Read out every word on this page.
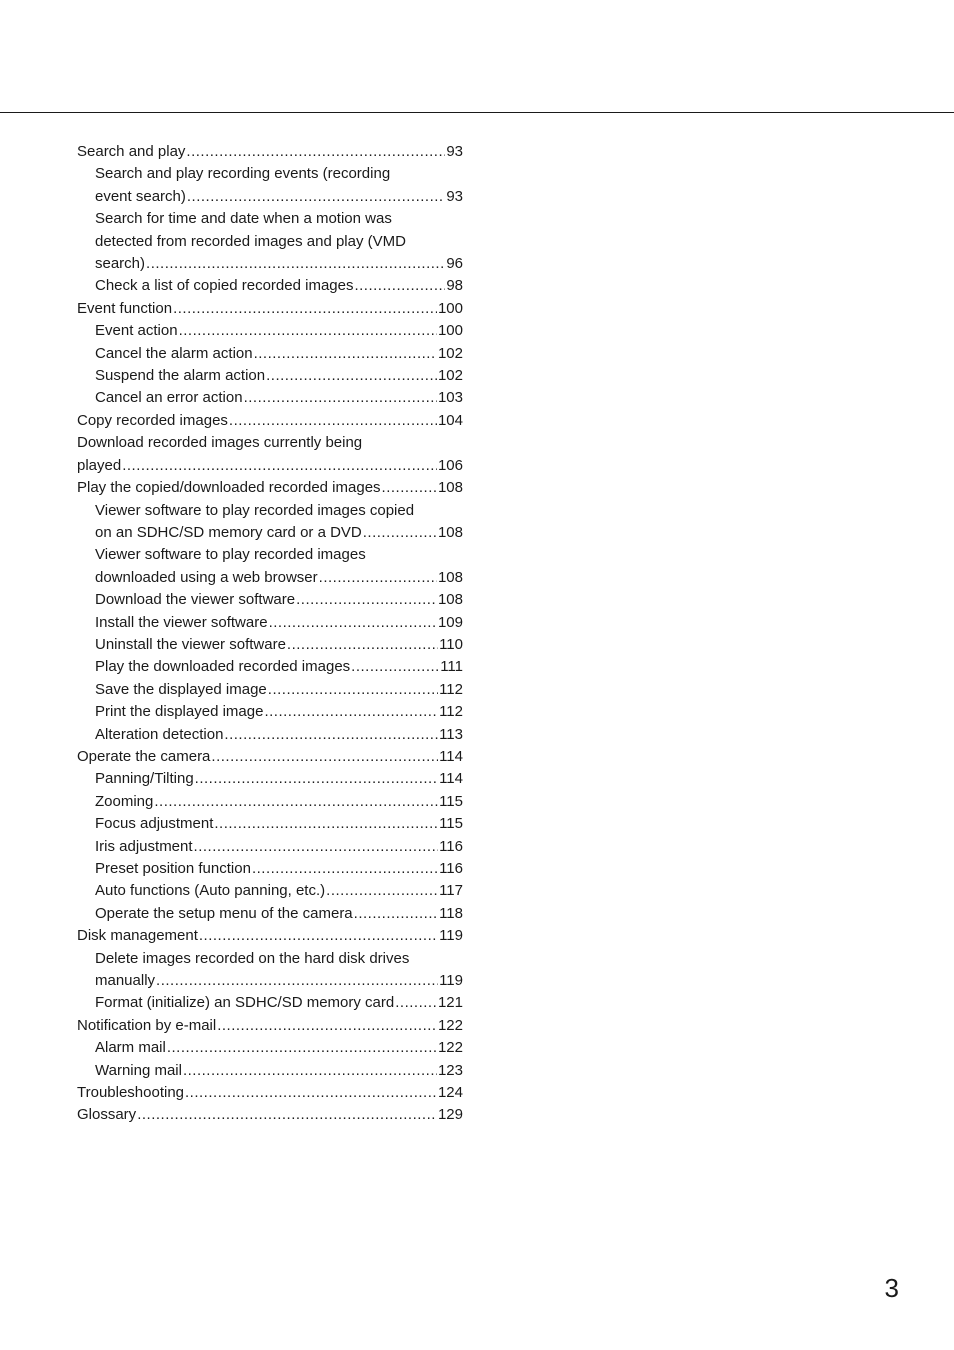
Search and play .....	93
Search and play recording events (recording
event search) .....	93
Search for time and date when a motion was
detected from recorded images and play (VMD
search) .....	96
Check a list of copied recorded images .....	98
Event function .....	100
Event action .....	100
Cancel the alarm action .....	102
Suspend the alarm action .....	102
Cancel an error action .....	103
Copy recorded images .....	104
Download recorded images currently being
played .....	106
Play the copied/downloaded recorded images .....	108
Viewer software to play recorded images copied
on an SDHC/SD memory card or a DVD .....	108
Viewer software to play recorded images
downloaded using a web browser .....	108
Download the viewer software .....	108
Install the viewer software .....	109
Uninstall the viewer software .....	110
Play the downloaded recorded images .....	111
Save the displayed image .....	112
Print the displayed image .....	112
Alteration detection .....	113
Operate the camera .....	114
Panning/Tilting .....	114
Zooming .....	115
Focus adjustment .....	115
Iris adjustment .....	116
Preset position function .....	116
Auto functions (Auto panning, etc.) .....	117
Operate the setup menu of the camera .....	118
Disk management .....	119
Delete images recorded on the hard disk drives
manually .....	119
Format (initialize) an SDHC/SD memory card .....	121
Notification by e-mail .....	122
Alarm mail .....	122
Warning mail .....	123
Troubleshooting .....	124
Glossary .....	129
3
